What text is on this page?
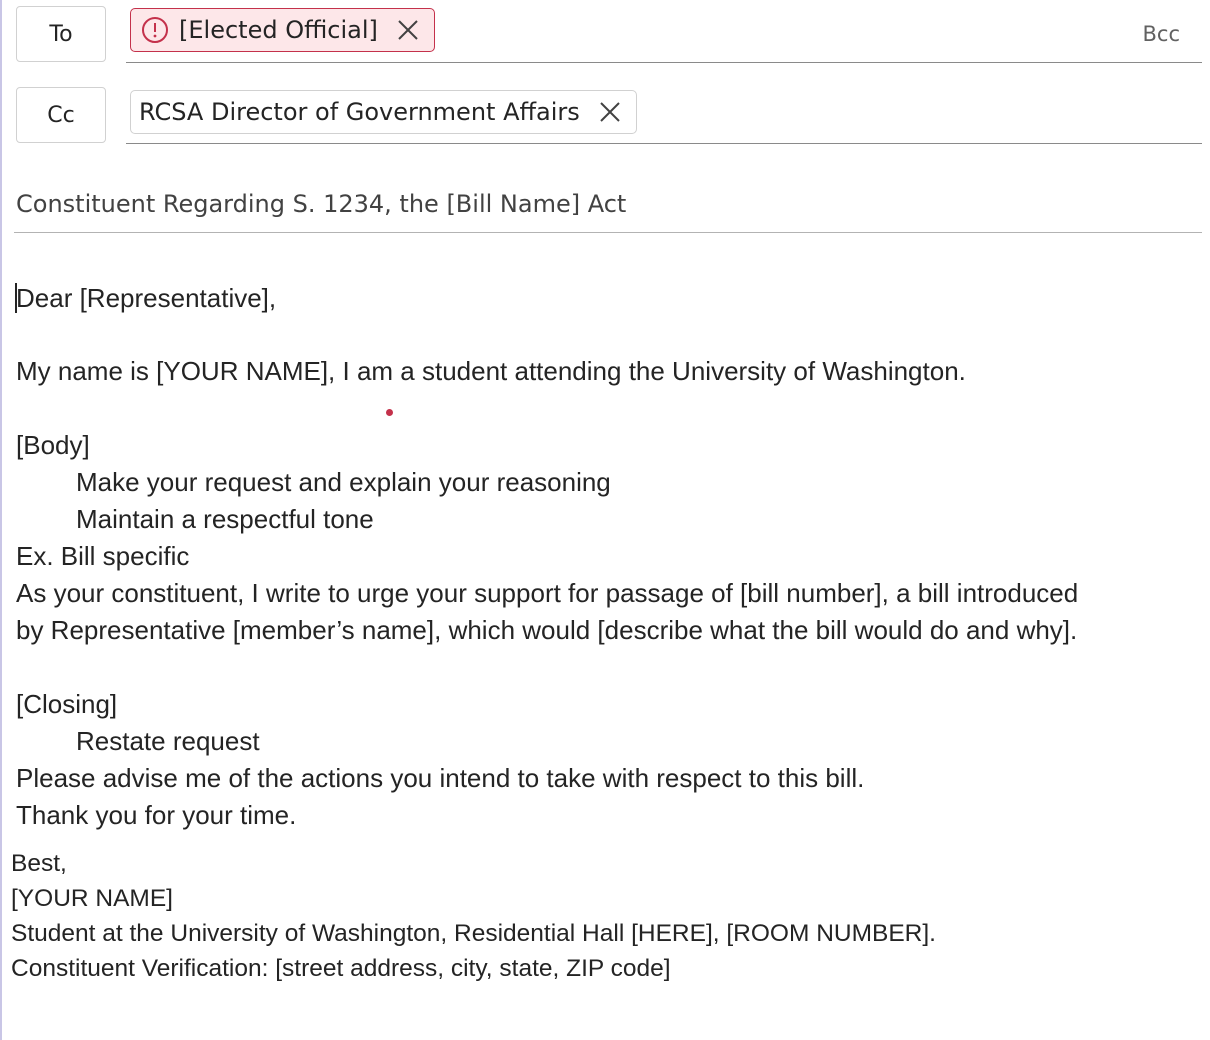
To	[Elected Official]	Bcc
Cc	RCSA Director of Government Affairs
Constituent Regarding S. 1234, the [Bill Name] Act
Dear [Representative],
My name is [YOUR NAME], I am a student attending the University of Washington.
[Body]
Make your request and explain your reasoning
Maintain a respectful tone
Ex. Bill specific
As your constituent, I write to urge your support for passage of [bill number], a bill introduced
by Representative [member’s name], which would [describe what the bill would do and why].
[Closing]
Restate request
Please advise me of the actions you intend to take with respect to this bill.
Thank you for your time.
Best,
[YOUR NAME]
Student at the University of Washington, Residential Hall [HERE], [ROOM NUMBER].
Constituent Verification: [street address, city, state, ZIP code]
